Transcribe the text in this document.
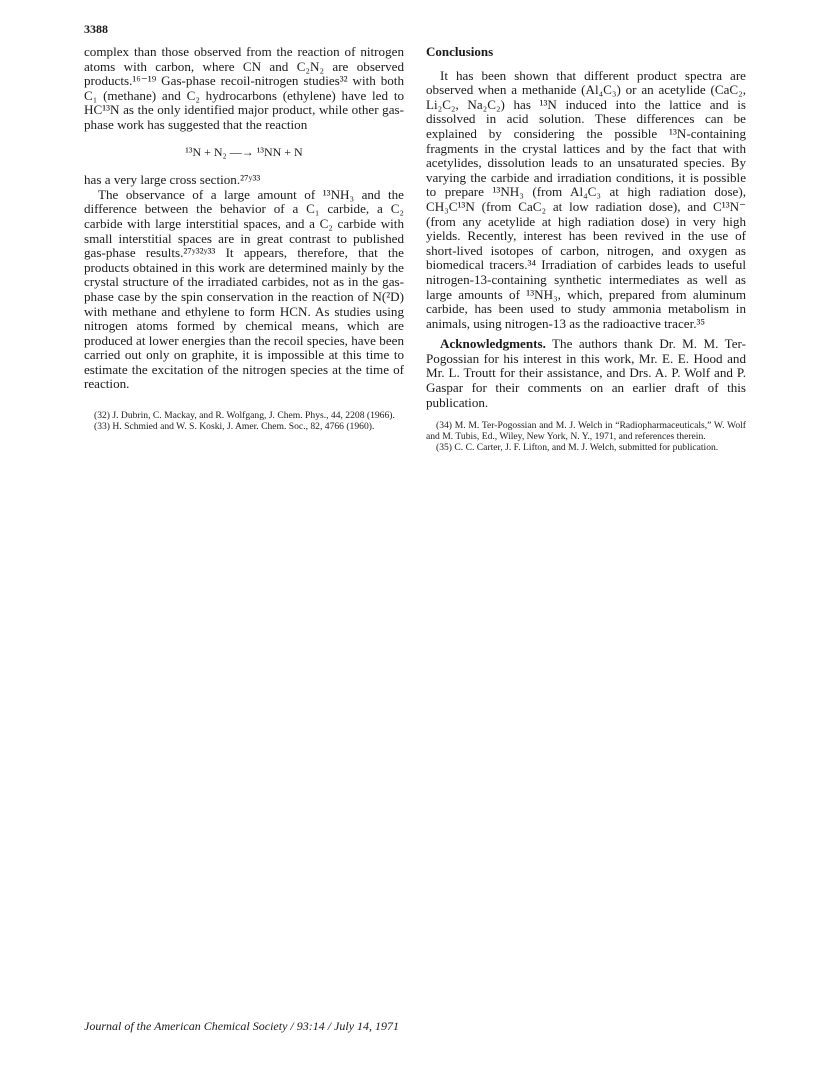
3388

complex than those observed from the reaction of nitrogen atoms with carbon, where CN and C₂N₂ are observed products.¹⁶⁻¹⁹ Gas-phase recoil-nitrogen studies³² with both C₁ (methane) and C₂ hydrocarbons (ethylene) have led to HC¹³N as the only identified major product, while other gas-phase work has suggested that the reaction

¹³N + N₂ —→ ¹³NN + N

has a very large cross section.²⁷ʸ³³

The observance of a large amount of ¹³NH₃ and the difference between the behavior of a C₁ carbide, a C₂ carbide with large interstitial spaces, and a C₂ carbide with small interstitial spaces are in great contrast to published gas-phase results.²⁷ʸ³²ʸ³³ It appears, therefore, that the products obtained in this work are determined mainly by the crystal structure of the irradiated carbides, not as in the gas-phase case by the spin conservation in the reaction of N(²D) with methane and ethylene to form HCN. As studies using nitrogen atoms formed by chemical means, which are produced at lower energies than the recoil species, have been carried out only on graphite, it is impossible at this time to estimate the excitation of the nitrogen species at the time of reaction.

(32) J. Dubrin, C. Mackay, and R. Wolfgang, J. Chem. Phys., 44, 2208 (1966).

(33) H. Schmied and W. S. Koski, J. Amer. Chem. Soc., 82, 4766 (1960).

Conclusions

It has been shown that different product spectra are observed when a methanide (Al₄C₃) or an acetylide (CaC₂, Li₂C₂, Na₂C₂) has ¹³N induced into the lattice and is dissolved in acid solution. These differences can be explained by considering the possible ¹³N-containing fragments in the crystal lattices and by the fact that with acetylides, dissolution leads to an unsaturated species. By varying the carbide and irradiation conditions, it is possible to prepare ¹³NH₃ (from Al₄C₃ at high radiation dose), CH₃C¹³N (from CaC₂ at low radiation dose), and C¹³N⁻ (from any acetylide at high radiation dose) in very high yields. Recently, interest has been revived in the use of short-lived isotopes of carbon, nitrogen, and oxygen as biomedical tracers.³⁴ Irradiation of carbides leads to useful nitrogen-13-containing synthetic intermediates as well as large amounts of ¹³NH₃, which, prepared from aluminum carbide, has been used to study ammonia metabolism in animals, using nitrogen-13 as the radioactive tracer.³⁵

Acknowledgments. The authors thank Dr. M. M. Ter-Pogossian for his interest in this work, Mr. E. E. Hood and Mr. L. Troutt for their assistance, and Drs. A. P. Wolf and P. Gaspar for their comments on an earlier draft of this publication.

(34) M. M. Ter-Pogossian and M. J. Welch in “Radiopharmaceuticals,” W. Wolf and M. Tubis, Ed., Wiley, New York, N. Y., 1971, and references therein.

(35) C. C. Carter, J. F. Lifton, and M. J. Welch, submitted for publication.

Journal of the American Chemical Society / 93:14 / July 14, 1971
